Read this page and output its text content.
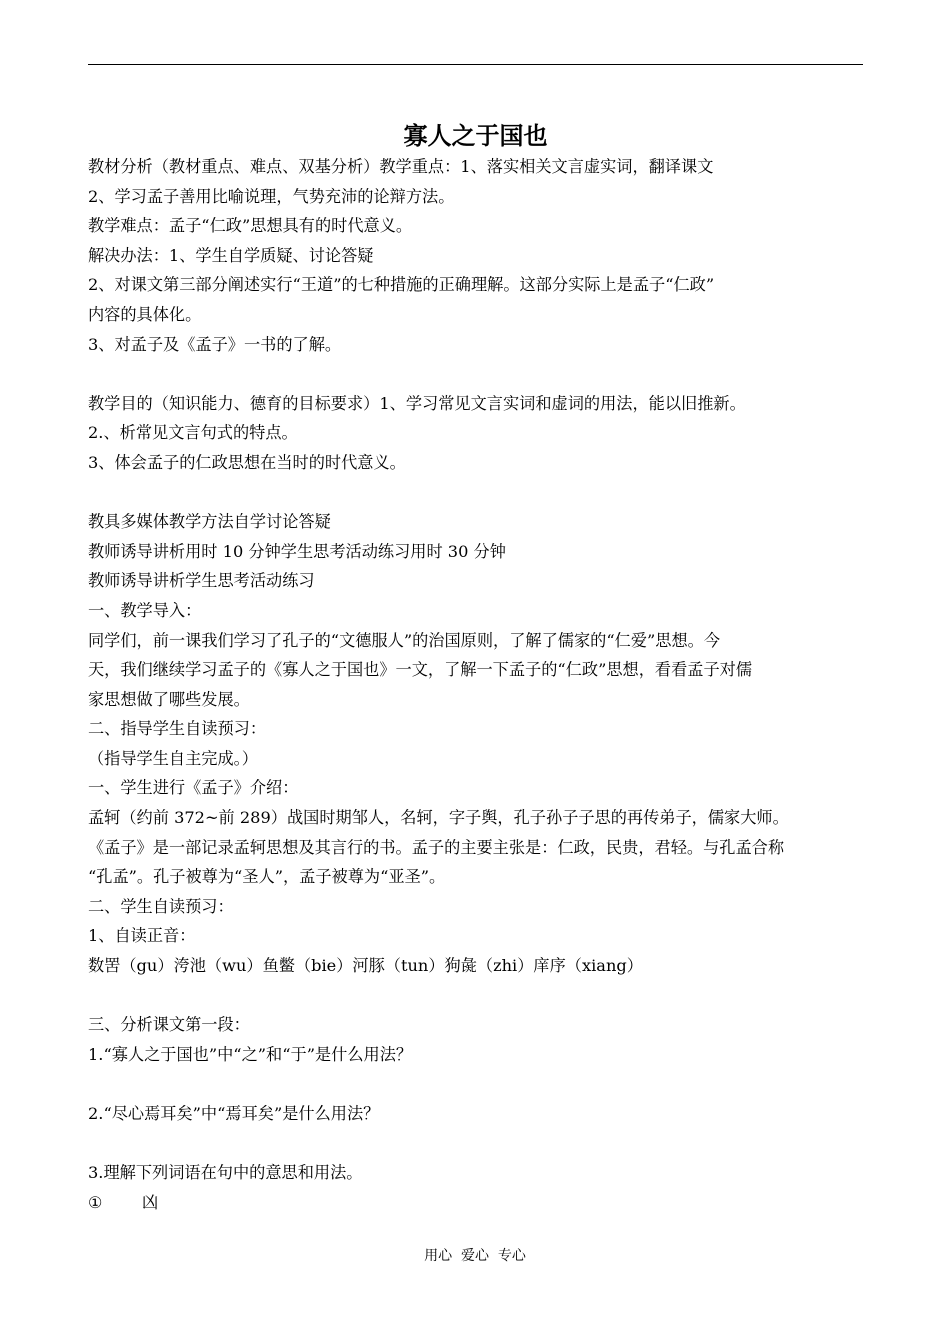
寡人之于国也
教材分析（教材重点、难点、双基分析）教学重点：1、落实相关文言虚实词，翻译课文
2、学习孟子善用比喻说理，气势充沛的论辩方法。
教学难点：孟子“仁政”思想具有的时代意义。
解决办法：1、学生自学质疑、讨论答疑
2、对课文第三部分阐述实行“王道”的七种措施的正确理解。这部分实际上是孟子“仁政”
内容的具体化。
3、对孟子及《孟子》一书的了解。
教学目的（知识能力、德育的目标要求）1、学习常见文言实词和虚词的用法，能以旧推新。
2.、析常见文言句式的特点。
3、体会孟子的仁政思想在当时的时代意义。
教具多媒体教学方法自学讨论答疑
教师诱导讲析用时 10 分钟学生思考活动练习用时 30 分钟
教师诱导讲析学生思考活动练习
一、教学导入：
同学们，前一课我们学习了孔子的“文德服人”的治国原则，了解了儒家的“仁爱”思想。今
天，我们继续学习孟子的《寡人之于国也》一文，了解一下孟子的“仁政”思想，看看孟子对儒
家思想做了哪些发展。
二、指导学生自读预习：
（指导学生自主完成。）
一、学生进行《孟子》介绍：
孟轲（约前 372~前 289）战国时期邹人，名轲，字子舆，孔子孙子子思的再传弟子，儒家大师。
《孟子》是一部记录孟轲思想及其言行的书。孟子的主要主张是：仁政，民贵，君轻。与孔孟合称
“孔孟”。孔子被尊为“圣人”，孟子被尊为“亚圣”。
二、学生自读预习：
1、自读正音：
数罟（gu）洿池（wu）鱼鳖（bie）河豚（tun）狗彘（zhi）庠序（xiang）
三、分析课文第一段：
1.“寡人之于国也”中“之”和“于”是什么用法？
2.“尽心焉耳矣”中“焉耳矣”是什么用法？
3.理解下列词语在句中的意思和用法。
① 凶
用心  爱心  专心
